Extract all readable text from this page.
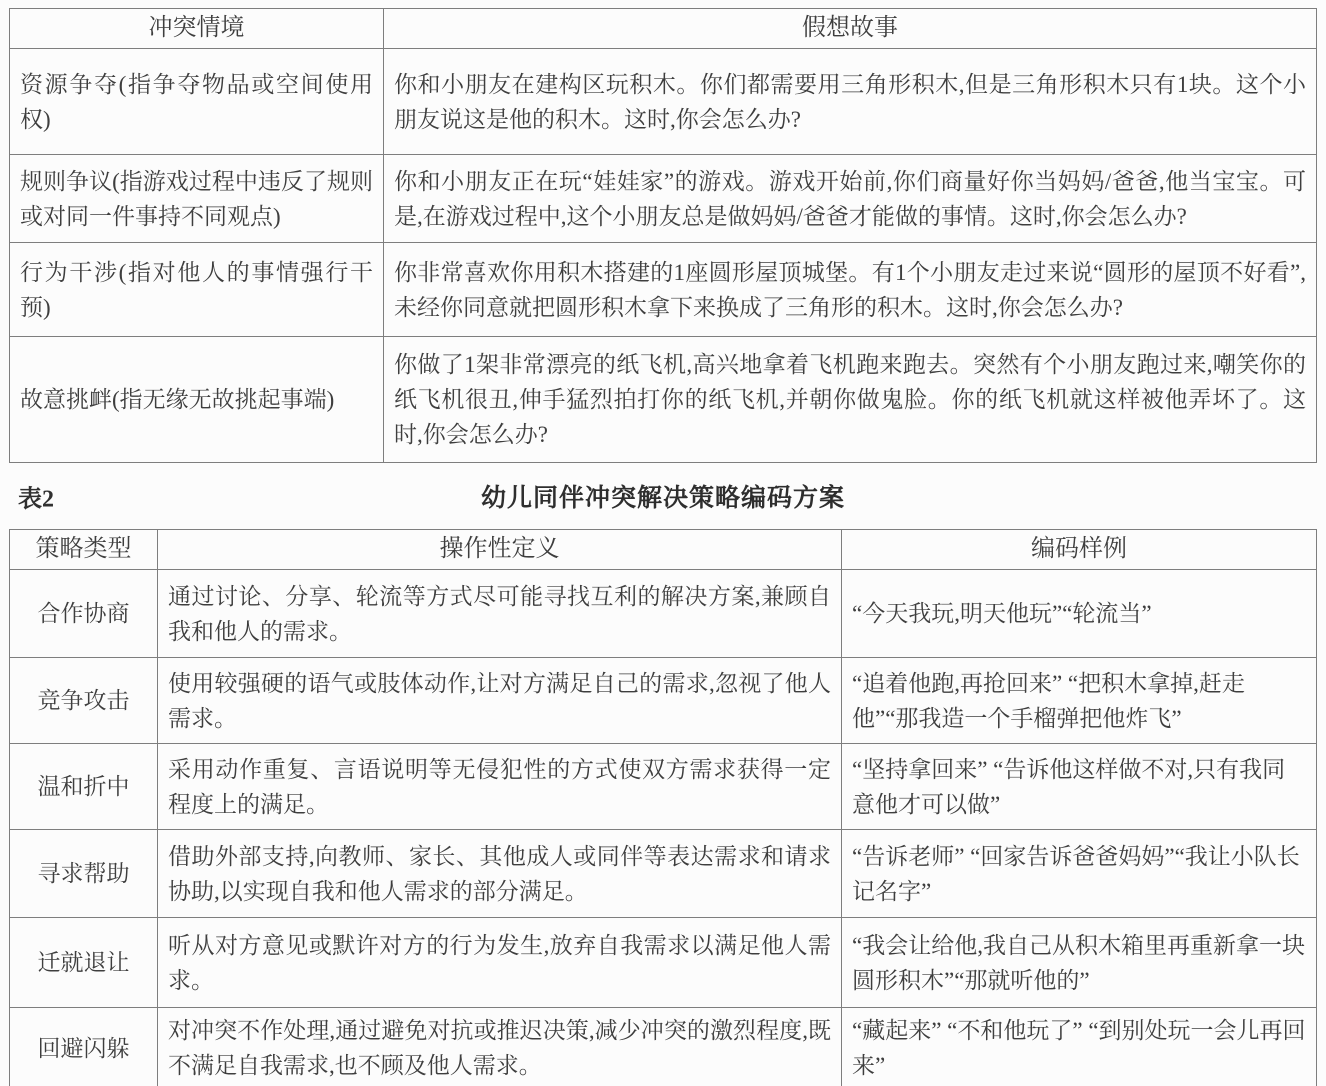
冲突情境	假想故事
资源争夺(指争夺物品或空间使用权)	你和小朋友在建构区玩积木。你们都需要用三角形积木,但是三角形积木只有1块。这个小朋友说这是他的积木。这时,你会怎么办?
规则争议(指游戏过程中违反了规则或对同一件事持不同观点)	你和小朋友正在玩“娃娃家”的游戏。游戏开始前,你们商量好你当妈妈/爸爸,他当宝宝。可是,在游戏过程中,这个小朋友总是做妈妈/爸爸才能做的事情。这时,你会怎么办?
行为干涉(指对他人的事情强行干预)	你非常喜欢你用积木搭建的1座圆形屋顶城堡。有1个小朋友走过来说“圆形的屋顶不好看”,未经你同意就把圆形积木拿下来换成了三角形的积木。这时,你会怎么办?
故意挑衅(指无缘无故挑起事端)	你做了1架非常漂亮的纸飞机,高兴地拿着飞机跑来跑去。突然有个小朋友跑过来,嘲笑你的纸飞机很丑,伸手猛烈拍打你的纸飞机,并朝你做鬼脸。你的纸飞机就这样被他弄坏了。这时,你会怎么办?
表2	幼儿同伴冲突解决策略编码方案
策略类型	操作性定义	编码样例
合作协商	通过讨论、分享、轮流等方式尽可能寻找互利的解决方案,兼顾自我和他人的需求。	“今天我玩,明天他玩”“轮流当”
竞争攻击	使用较强硬的语气或肢体动作,让对方满足自己的需求,忽视了他人需求。	“追着他跑,再抢回来” “把积木拿掉,赶走他”“那我造一个手榴弹把他炸飞”
温和折中	采用动作重复、言语说明等无侵犯性的方式使双方需求获得一定程度上的满足。	“坚持拿回来” “告诉他这样做不对,只有我同意他才可以做”
寻求帮助	借助外部支持,向教师、家长、其他成人或同伴等表达需求和请求协助,以实现自我和他人需求的部分满足。	“告诉老师” “回家告诉爸爸妈妈”“我让小队长记名字”
迁就退让	听从对方意见或默许对方的行为发生,放弃自我需求以满足他人需求。	“我会让给他,我自己从积木箱里再重新拿一块圆形积木”“那就听他的”
回避闪躲	对冲突不作处理,通过避免对抗或推迟决策,减少冲突的激烈程度,既不满足自我需求,也不顾及他人需求。	“藏起来” “不和他玩了” “到别处玩一会儿再回来”
